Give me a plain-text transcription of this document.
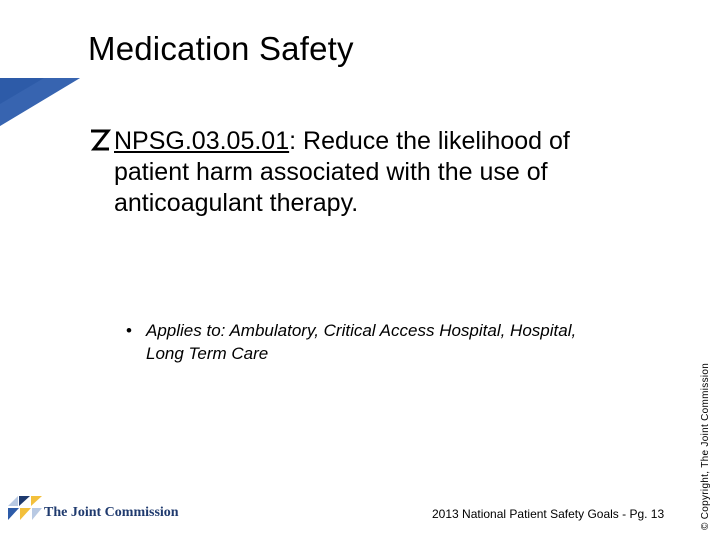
Medication Safety
NPSG.03.05.01: Reduce the likelihood of patient harm associated with the use of anticoagulant therapy.
• Applies to: Ambulatory, Critical Access Hospital, Hospital, Long Term Care
© Copyright, The Joint Commission
The Joint Commission	2013 National Patient Safety Goals - Pg. 13
